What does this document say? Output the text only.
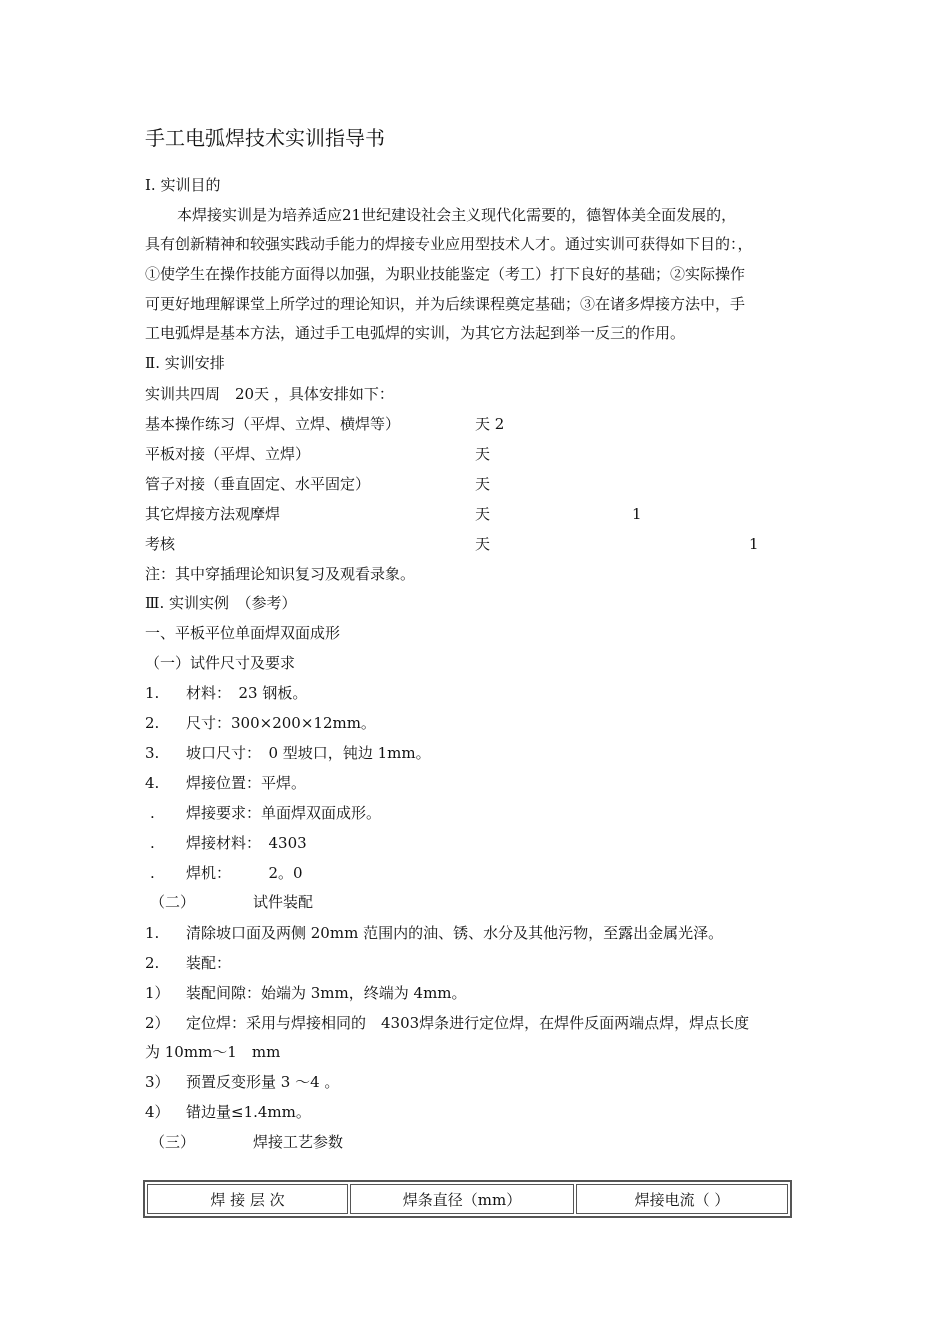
手工电弧焊技术实训指导书
Ⅰ. 实训目的
本焊接实训是为培养适应21世纪建设社会主义现代化需要的，德智体美全面发展的，
具有创新精神和较强实践动手能力的焊接专业应用型技术人才。通过实训可获得如下目的：，
①使学生在操作技能方面得以加强，为职业技能鉴定（考工）打下良好的基础；②实际操作
可更好地理解课堂上所学过的理论知识，并为后续课程奠定基础；③在诸多焊接方法中，手
工电弧焊是基本方法，通过手工电弧焊的实训，为其它方法起到举一反三的作用。
Ⅱ. 实训安排
实训共四周　20天 ，具体安排如下：
基本操作练习（平焊、立焊、横焊等）	天 2
平板对接（平焊、立焊）	天
管子对接（垂直固定、水平固定）	天
其它焊接方法观摩焊	天	1
考核	天	1
注：其中穿插理论知识复习及观看录象。
Ⅲ. 实训实例　（参考）
一、平板平位单面焊双面成形
（一）试件尺寸及要求
1. 材料：　23 钢板。
2. 尺寸：300×200×12mm。
3. 坡口尺寸：　0 型坡口，钝边 1mm。
4. 焊接位置：平焊。
. 焊接要求：单面焊双面成形。
. 焊接材料：　4303
. 焊机：　　　2。0
（二）	试件装配
1. 清除坡口面及两侧 20mm 范围内的油、锈、水分及其他污物，至露出金属光泽。
2. 装配：
1） 装配间隙：始端为 3mm，终端为 4mm。
2） 定位焊：采用与焊接相同的　4303焊条进行定位焊，在焊件反面两端点焊，焊点长度
为 10mm～1　mm
3） 预置反变形量 3 ～4 。
4） 错边量≤1.4mm。
（三）	焊接工艺参数
焊 接 层 次	焊条直径（mm）	焊接电流（ ）
